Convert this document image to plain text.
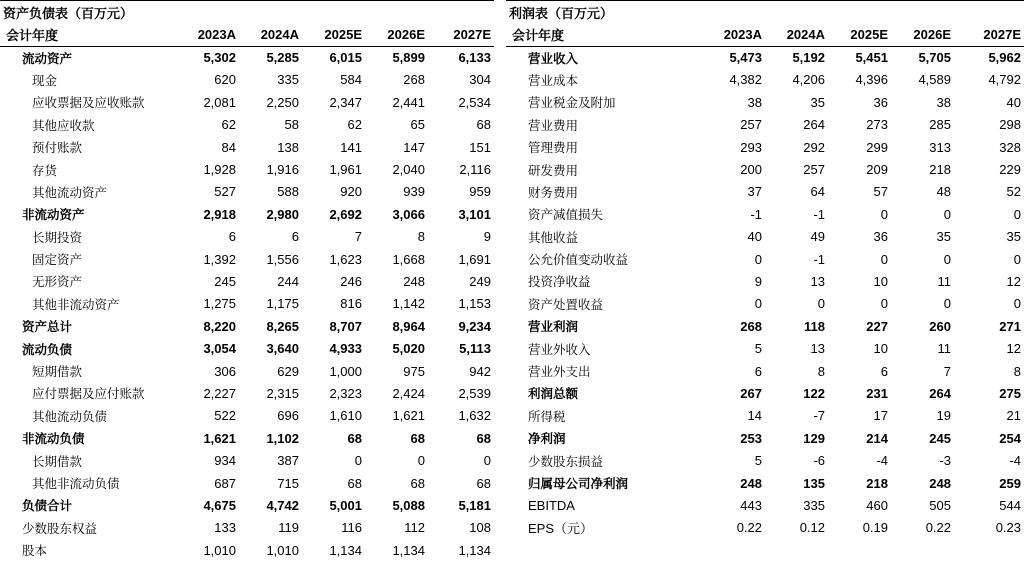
资产负债表（百万元）
会计年度	2023A	2024A	2025E	2026E	2027E
流动资产	5,302	5,285	6,015	5,899	6,133
现金	620	335	584	268	304
应收票据及应收账款	2,081	2,250	2,347	2,441	2,534
其他应收款	62	58	62	65	68
预付账款	84	138	141	147	151
存货	1,928	1,916	1,961	2,040	2,116
其他流动资产	527	588	920	939	959
非流动资产	2,918	2,980	2,692	3,066	3,101
长期投资	6	6	7	8	9
固定资产	1,392	1,556	1,623	1,668	1,691
无形资产	245	244	246	248	249
其他非流动资产	1,275	1,175	816	1,142	1,153
资产总计	8,220	8,265	8,707	8,964	9,234
流动负债	3,054	3,640	4,933	5,020	5,113
短期借款	306	629	1,000	975	942
应付票据及应付账款	2,227	2,315	2,323	2,424	2,539
其他流动负债	522	696	1,610	1,621	1,632
非流动负债	1,621	1,102	68	68	68
长期借款	934	387	0	0	0
其他非流动负债	687	715	68	68	68
负债合计	4,675	4,742	5,001	5,088	5,181
少数股东权益	133	119	116	112	108
股本	1,010	1,010	1,134	1,134	1,134
利润表（百万元）
会计年度	2023A	2024A	2025E	2026E	2027E
营业收入	5,473	5,192	5,451	5,705	5,962
营业成本	4,382	4,206	4,396	4,589	4,792
营业税金及附加	38	35	36	38	40
营业费用	257	264	273	285	298
管理费用	293	292	299	313	328
研发费用	200	257	209	218	229
财务费用	37	64	57	48	52
资产减值损失	-1	-1	0	0	0
其他收益	40	49	36	35	35
公允价值变动收益	0	-1	0	0	0
投资净收益	9	13	10	11	12
资产处置收益	0	0	0	0	0
营业利润	268	118	227	260	271
营业外收入	5	13	10	11	12
营业外支出	6	8	6	7	8
利润总额	267	122	231	264	275
所得税	14	-7	17	19	21
净利润	253	129	214	245	254
少数股东损益	5	-6	-4	-3	-4
归属母公司净利润	248	135	218	248	259
EBITDA	443	335	460	505	544
EPS（元）	0.22	0.12	0.19	0.22	0.23
